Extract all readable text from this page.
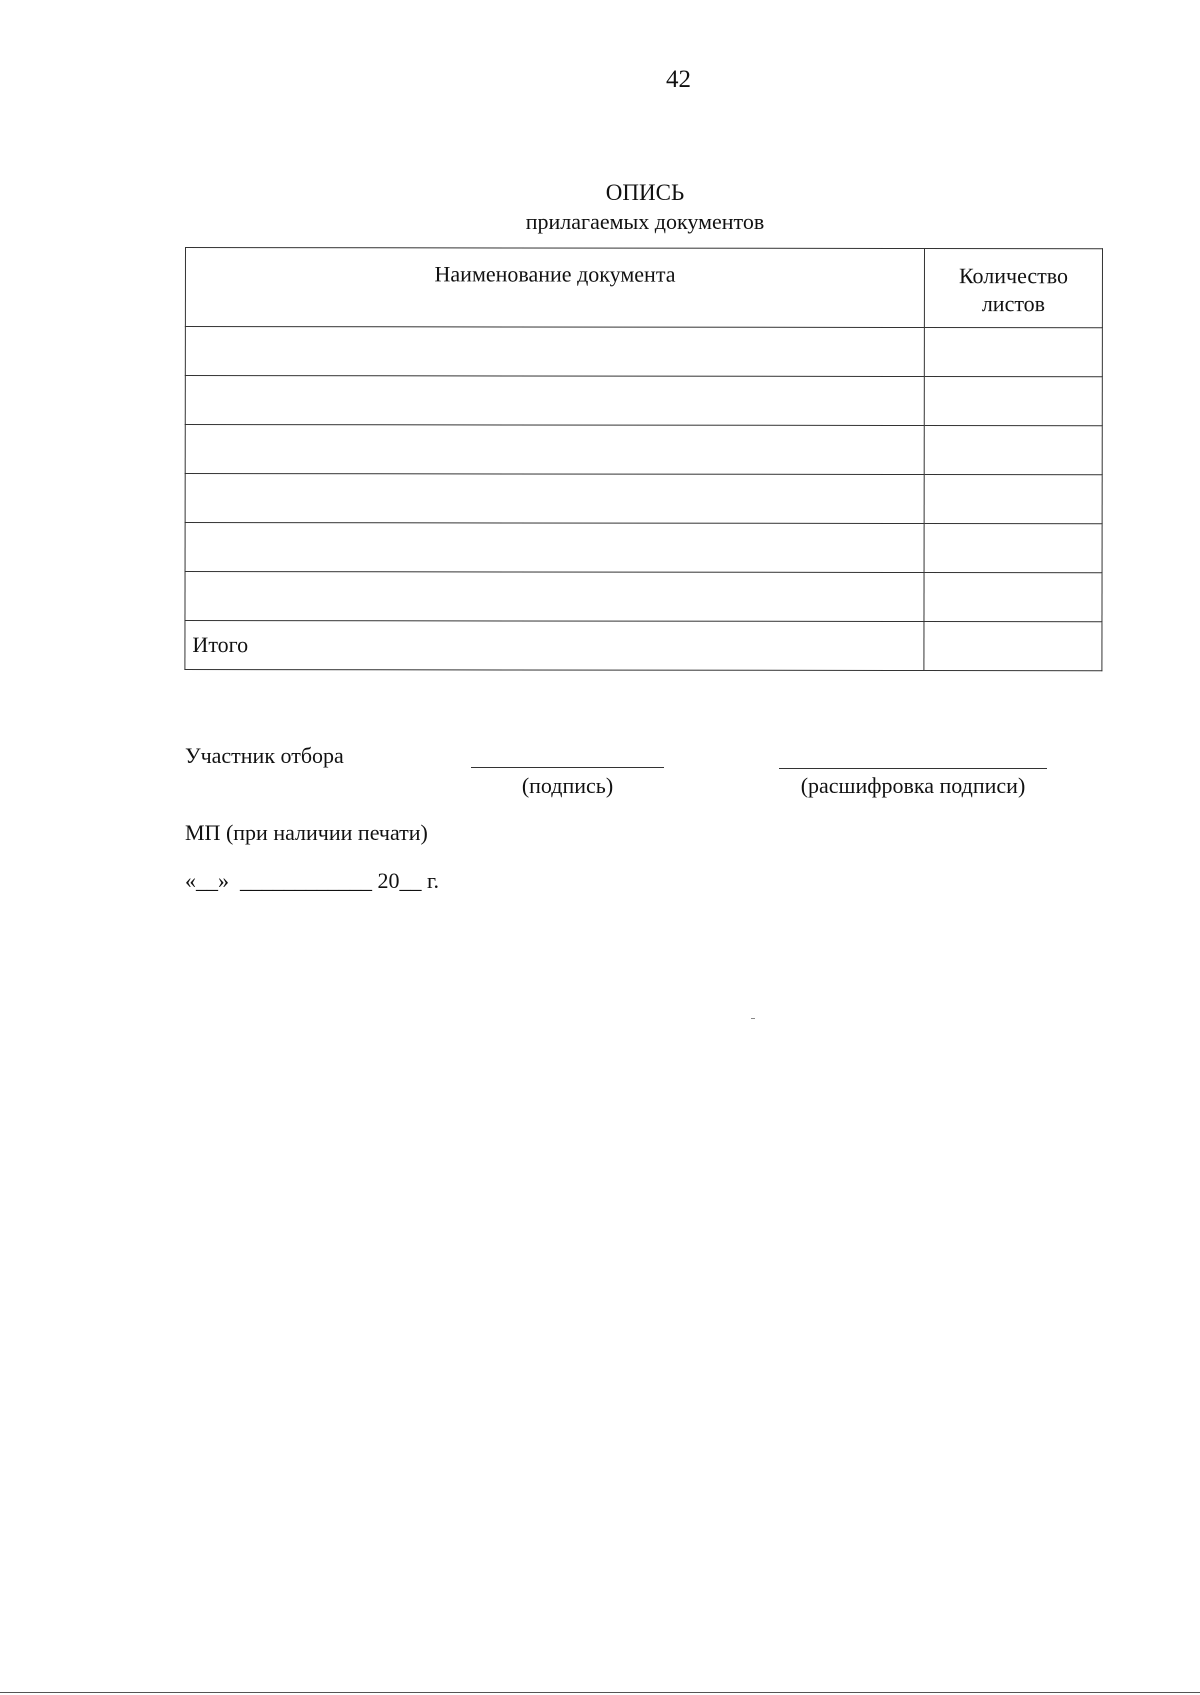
42
ОПИСЬ
прилагаемых документов
Наименование документа	Количество листов

Итого	
Участник отбора
(подпись)	(расшифровка подписи)
МП (при наличии печати)
«__»  ____________ 20__ г.
